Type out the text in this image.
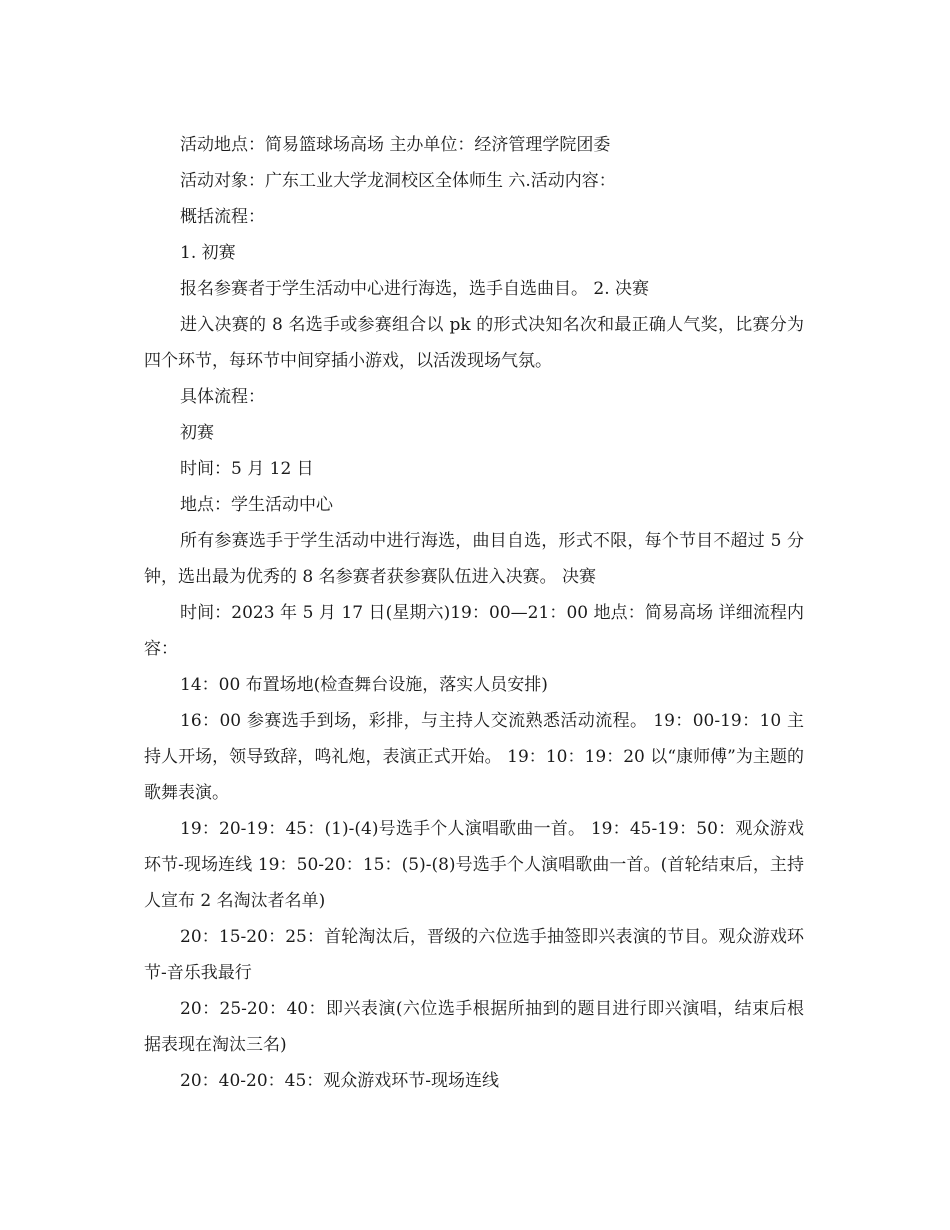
活动地点：简易篮球场高场 主办单位：经济管理学院团委

活动对象：广东工业大学龙洞校区全体师生 六.活动内容：

概括流程：

1. 初赛

报名参赛者于学生活动中心进行海选，选手自选曲目。 2. 决赛

进入决赛的 8 名选手或参赛组合以 pk 的形式决知名次和最正确人气奖，比赛分为四个环节，每环节中间穿插小游戏，以活泼现场气氛。

具体流程：

初赛

时间：5 月 12 日

地点：学生活动中心

所有参赛选手于学生活动中进行海选，曲目自选，形式不限，每个节目不超过 5 分钟，选出最为优秀的 8 名参赛者获参赛队伍进入决赛。 决赛

时间：2023 年 5 月 17 日(星期六)19：00—21：00 地点：简易高场 详细流程内容：

14：00 布置场地(检查舞台设施，落实人员安排)

16：00 参赛选手到场，彩排，与主持人交流熟悉活动流程。 19：00-19：10 主持人开场，领导致辞，鸣礼炮，表演正式开始。 19：10：19：20 以“康师傅”为主题的歌舞表演。

19：20-19：45：(1)-(4)号选手个人演唱歌曲一首。 19：45-19：50：观众游戏环节-现场连线 19：50-20：15：(5)-(8)号选手个人演唱歌曲一首。(首轮结束后，主持人宣布 2 名淘汰者名单)

20：15-20：25：首轮淘汰后，晋级的六位选手抽签即兴表演的节目。观众游戏环节-音乐我最行

20：25-20：40：即兴表演(六位选手根据所抽到的题目进行即兴演唱，结束后根据表现在淘汰三名)

20：40-20：45：观众游戏环节-现场连线
